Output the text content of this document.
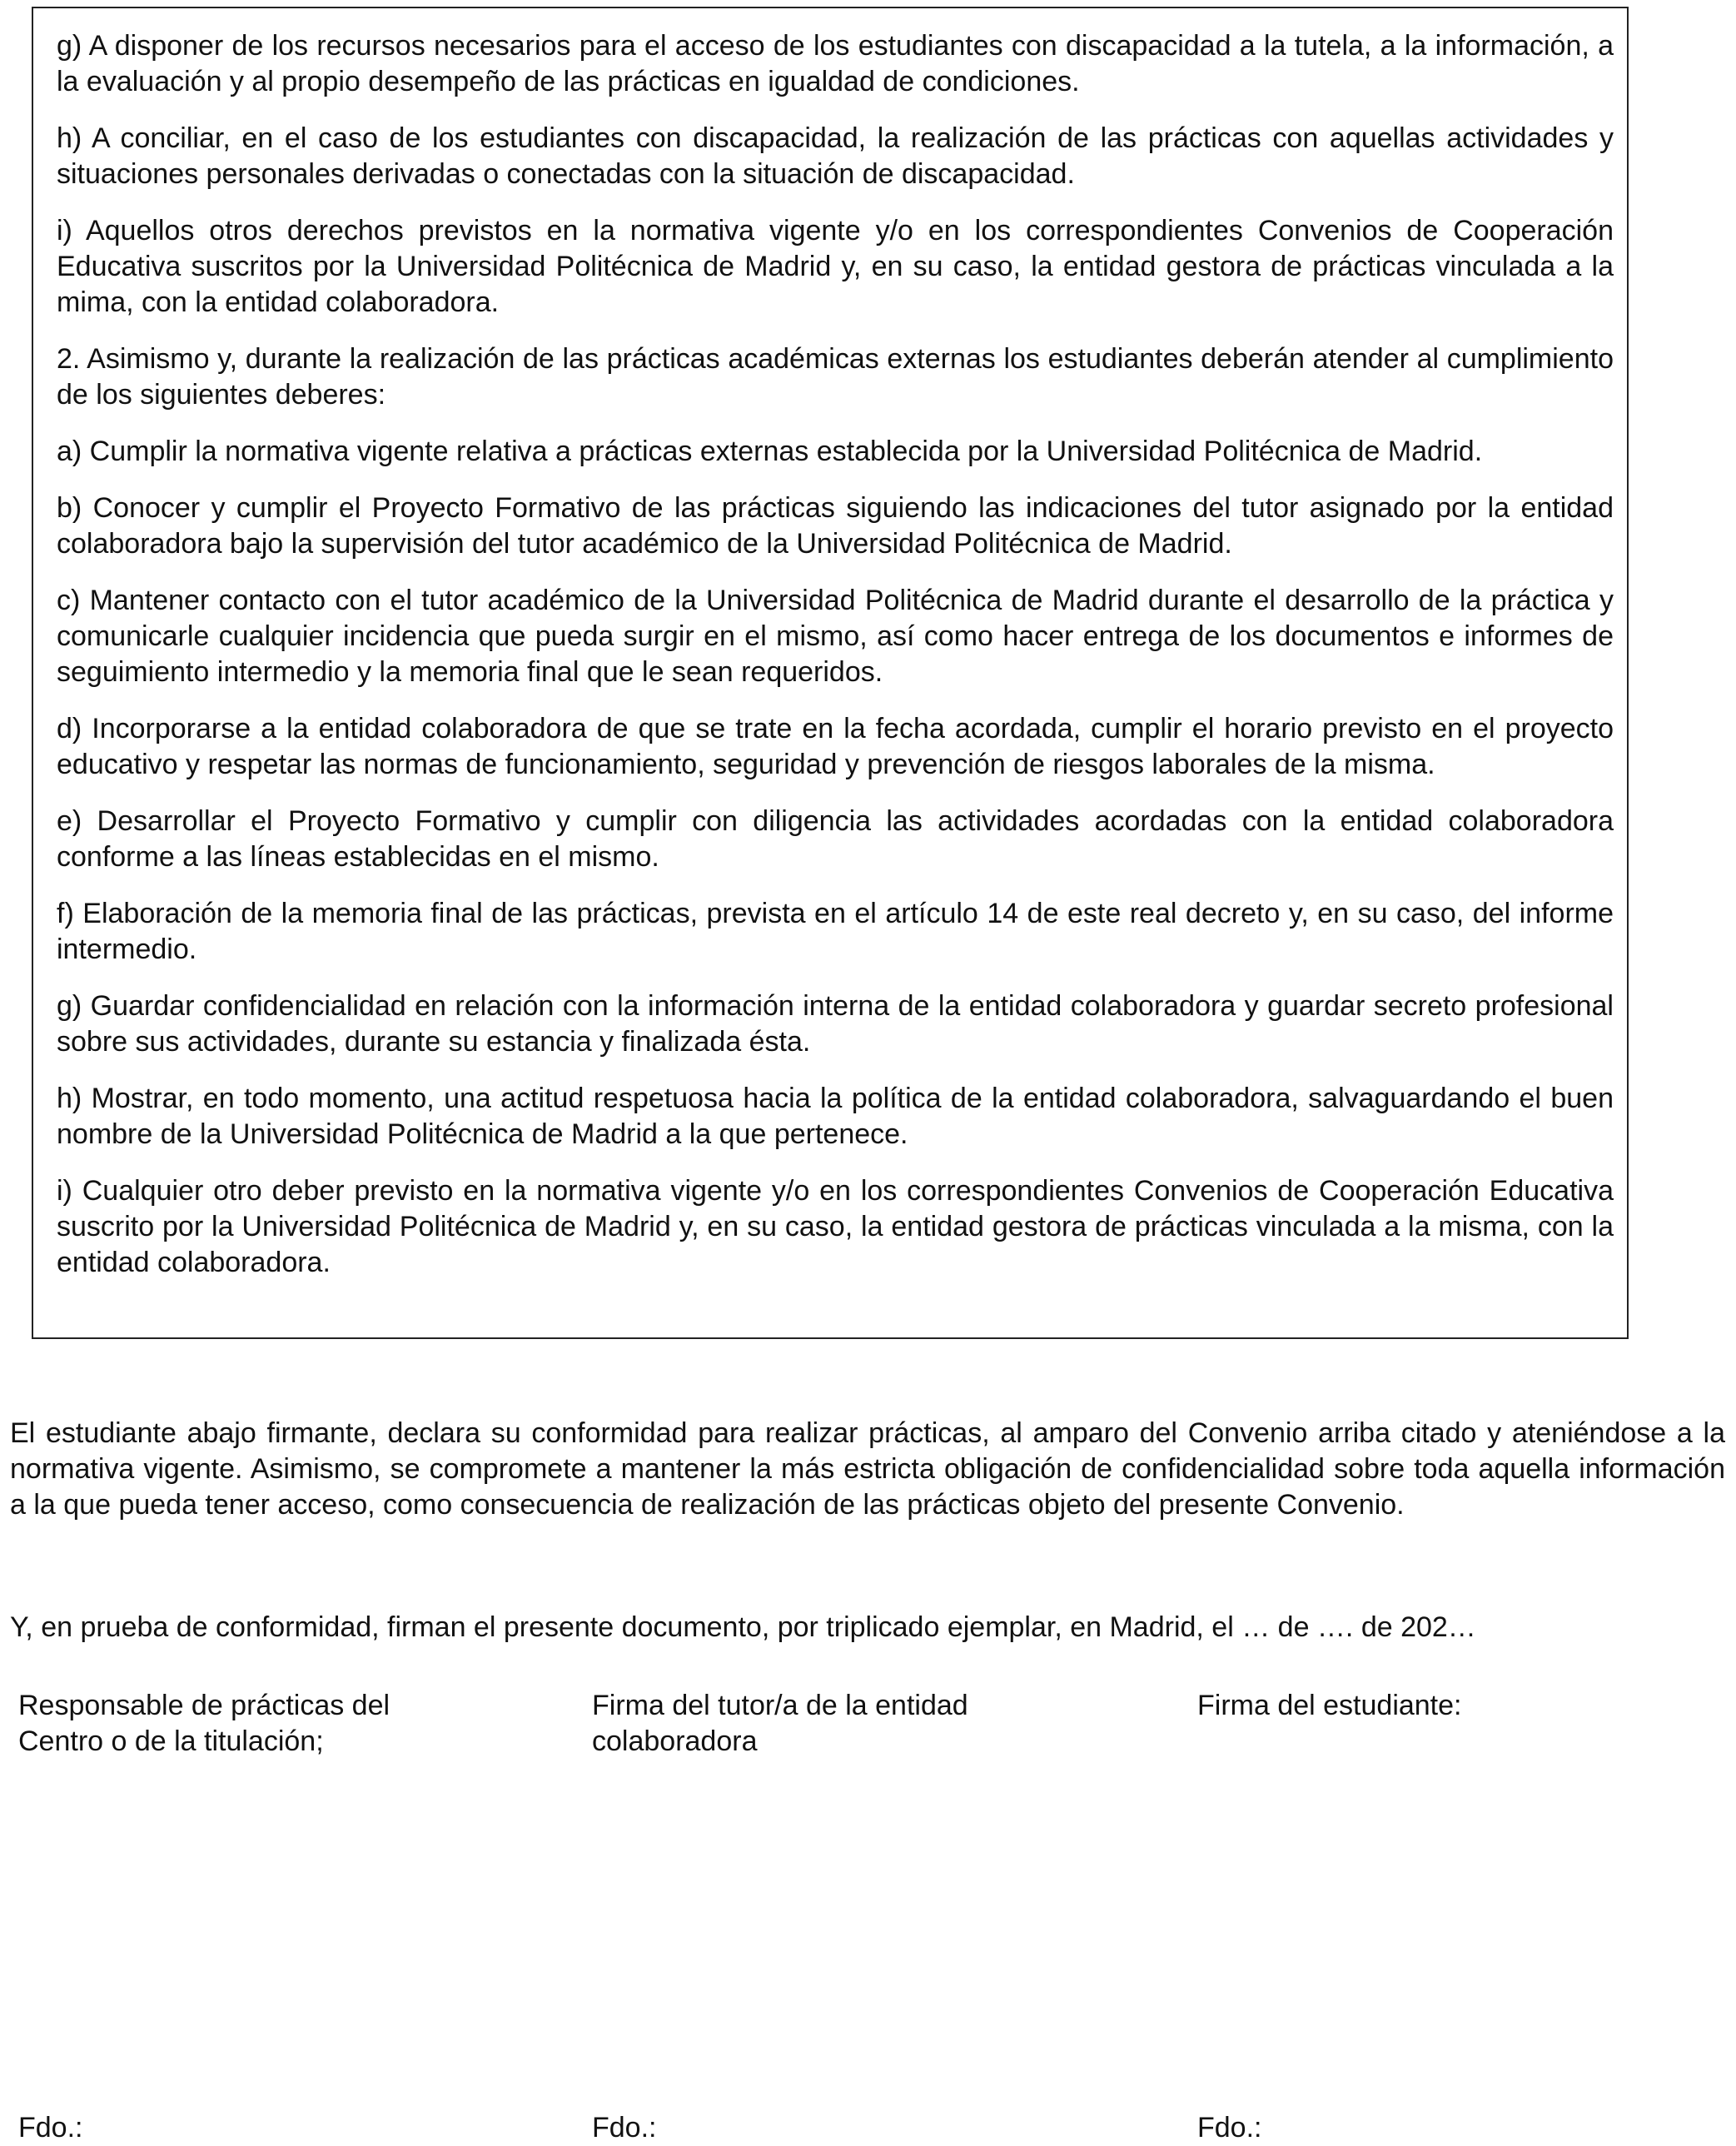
g) A disponer de los recursos necesarios para el acceso de los estudiantes con discapacidad a la tutela, a la información, a la evaluación y al propio desempeño de las prácticas en igualdad de condiciones.

h) A conciliar, en el caso de los estudiantes con discapacidad, la realización de las prácticas con aquellas actividades y situaciones personales derivadas o conectadas con la situación de discapacidad.

i) Aquellos otros derechos previstos en la normativa vigente y/o en los correspondientes Convenios de Cooperación Educativa suscritos por la Universidad Politécnica de Madrid y, en su caso, la entidad gestora de prácticas vinculada a la mima, con la entidad colaboradora.

2. Asimismo y, durante la realización de las prácticas académicas externas los estudiantes deberán atender al cumplimiento de los siguientes deberes:

a) Cumplir la normativa vigente relativa a prácticas externas establecida por la Universidad Politécnica de Madrid.

b) Conocer y cumplir el Proyecto Formativo de las prácticas siguiendo las indicaciones del tutor asignado por la entidad colaboradora bajo la supervisión del tutor académico de la Universidad Politécnica de Madrid.

c) Mantener contacto con el tutor académico de la Universidad Politécnica de Madrid durante el desarrollo de la práctica y comunicarle cualquier incidencia que pueda surgir en el mismo, así como hacer entrega de los documentos e informes de seguimiento intermedio y la memoria final que le sean requeridos.

d) Incorporarse a la entidad colaboradora de que se trate en la fecha acordada, cumplir el horario previsto en el proyecto educativo y respetar las normas de funcionamiento, seguridad y prevención de riesgos laborales de la misma.

e) Desarrollar el Proyecto Formativo y cumplir con diligencia las actividades acordadas con la entidad colaboradora conforme a las líneas establecidas en el mismo.

f) Elaboración de la memoria final de las prácticas, prevista en el artículo 14 de este real decreto y, en su caso, del informe intermedio.

g) Guardar confidencialidad en relación con la información interna de la entidad colaboradora y guardar secreto profesional sobre sus actividades, durante su estancia y finalizada ésta.

h) Mostrar, en todo momento, una actitud respetuosa hacia la política de la entidad colaboradora, salvaguardando el buen nombre de la Universidad Politécnica de Madrid a la que pertenece.

i) Cualquier otro deber previsto en la normativa vigente y/o en los correspondientes Convenios de Cooperación Educativa suscrito por la Universidad Politécnica de Madrid y, en su caso, la entidad gestora de prácticas vinculada a la misma, con la entidad colaboradora.

El estudiante abajo firmante, declara su conformidad para realizar prácticas, al amparo del Convenio arriba citado y ateniéndose a la normativa vigente. Asimismo, se compromete a mantener la más estricta obligación de confidencialidad sobre toda aquella información a la que pueda tener acceso, como consecuencia de realización de las prácticas objeto del presente Convenio.

Y, en prueba de conformidad, firman el presente documento, por triplicado ejemplar, en Madrid, el … de …. de 202…

Responsable de prácticas del

Centro o de la titulación;

Firma del tutor/a de la entidad

colaboradora

Firma del estudiante:

Fdo.:	Fdo.:	Fdo.:
